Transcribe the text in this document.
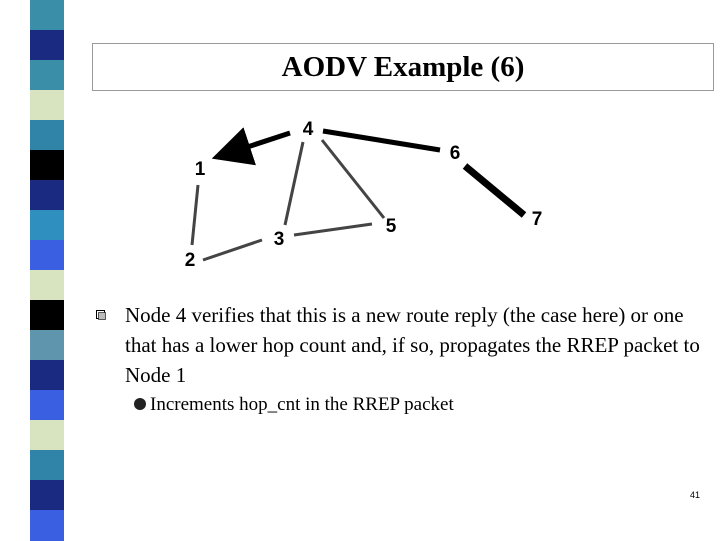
AODV Example (6)
1
2
3
4
5
6
7
Node 4 verifies that this is a new route reply (the case here) or one that has a lower hop count and, if so, propagates the RREP packet to Node 1
Increments hop_cnt in the RREP packet
41
